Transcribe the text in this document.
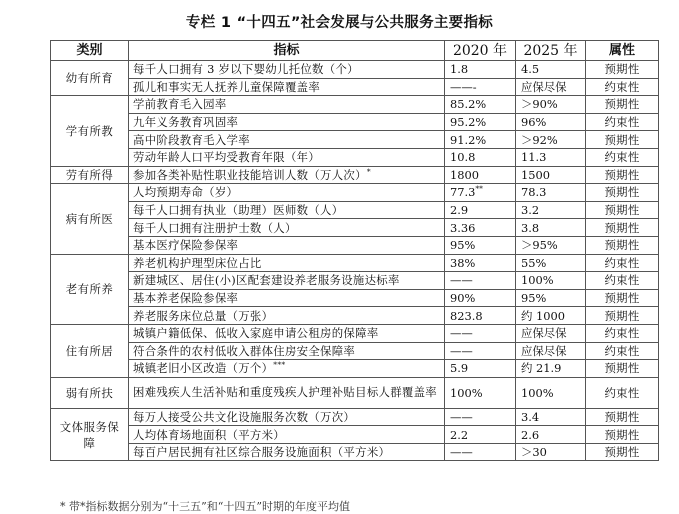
专栏 1 “十四五”社会发展与公共服务主要指标
类别	指标	2020 年	2025 年	属性
幼有所育	每千人口拥有 3 岁以下婴幼儿托位数（个）	1.8	4.5	预期性
	孤儿和事实无人抚养儿童保障覆盖率	——-	应保尽保	约束性
学有所教	学前教育毛入园率	85.2%	＞90%	预期性
	九年义务教育巩固率	95.2%	96%	约束性
	高中阶段教育毛入学率	91.2%	＞92%	预期性
	劳动年龄人口平均受教育年限（年）	10.8	11.3	约束性
劳有所得	参加各类补贴性职业技能培训人数（万人次）*	1800	1500	预期性
病有所医	人均预期寿命（岁）	77.3**	78.3	预期性
	每千人口拥有执业（助理）医师数（人）	2.9	3.2	预期性
	每千人口拥有注册护士数（人）	3.36	3.8	预期性
	基本医疗保险参保率	95%	＞95%	预期性
老有所养	养老机构护理型床位占比	38%	55%	约束性
	新建城区、居住(小)区配套建设养老服务设施达标率	——	100%	约束性
	基本养老保险参保率	90%	95%	预期性
	养老服务床位总量（万张）	823.8	约 1000	预期性
住有所居	城镇户籍低保、低收入家庭申请公租房的保障率	——	应保尽保	约束性
	符合条件的农村低收入群体住房安全保障率	——	应保尽保	约束性
	城镇老旧小区改造（万个）***	5.9	约 21.9	预期性
弱有所扶	困难残疾人生活补贴和重度残疾人护理补贴目标人群覆盖率	100%	100%	约束性
文体服务保障	每万人接受公共文化设施服务次数（万次）	——	3.4	预期性
	人均体育场地面积（平方米）	2.2	2.6	预期性
	每百户居民拥有社区综合服务设施面积（平方米）	——	＞30	预期性
* 带*指标数据分别为“十三五”和“十四五”时期的年度平均值
